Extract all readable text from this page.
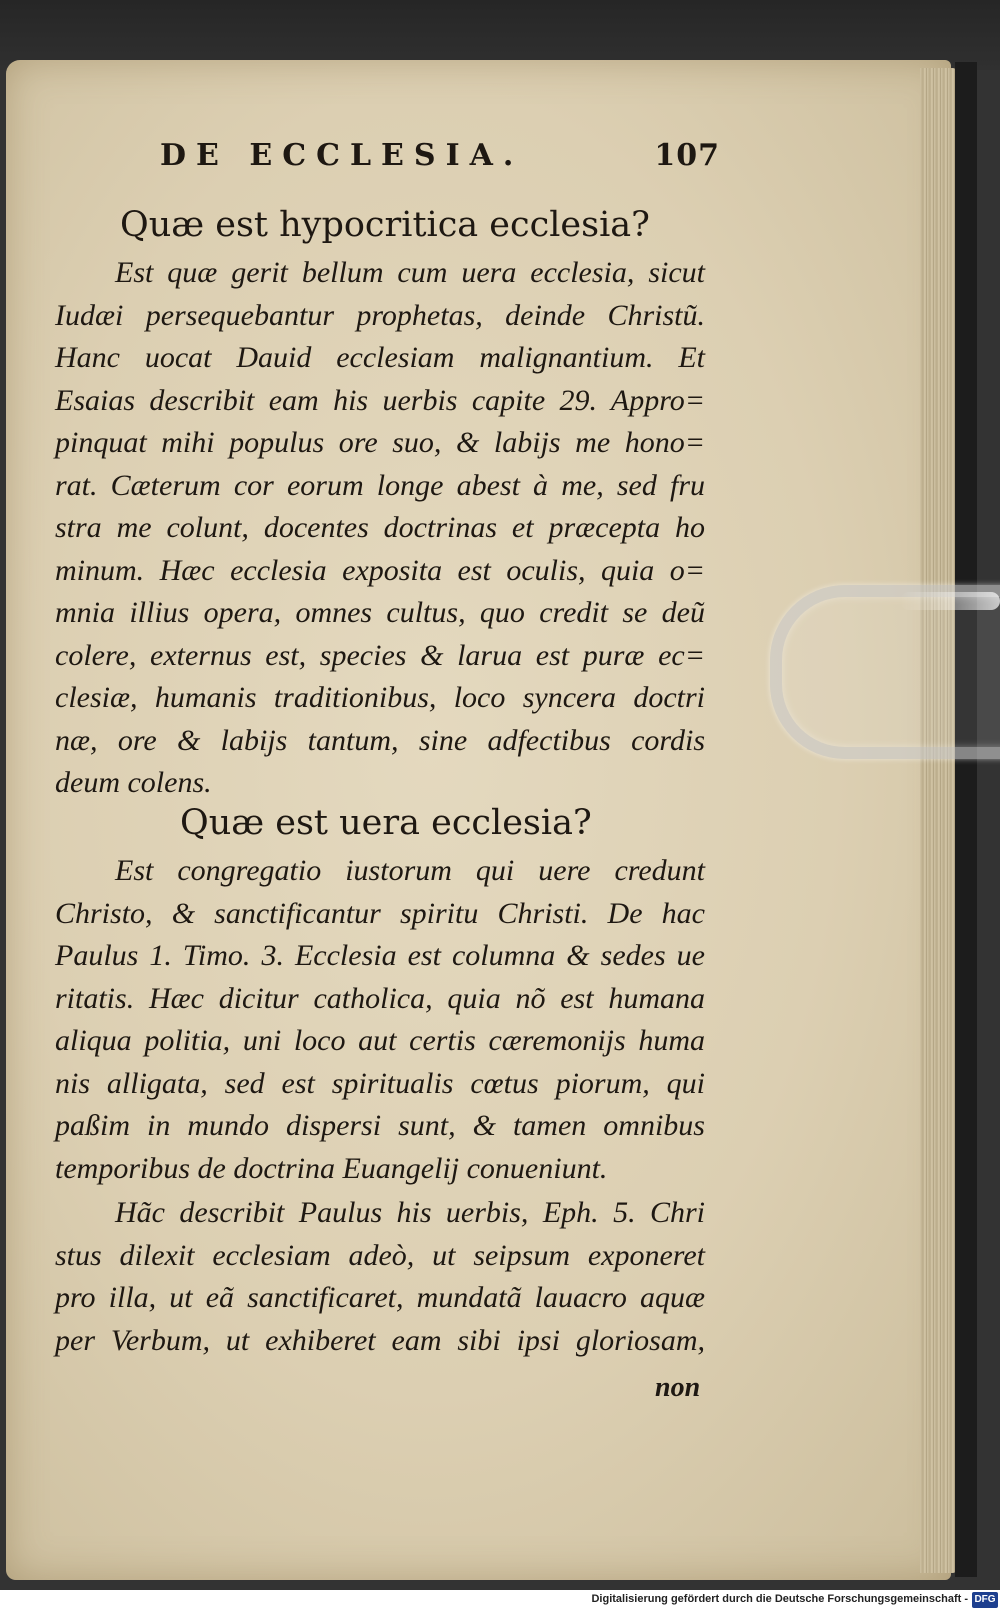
DE ECCLESIA.	107
Quæ est hypocritica ecclesia?
Est quæ gerit bellum cum uera ecclesia, sicut
Iudæi persequebantur prophetas, deinde Christũ.
Hanc uocat Dauid ecclesiam malignantium. Et
Esaias describit eam his uerbis capite 29. Appro=
pinquat mihi populus ore suo, & labijs me hono=
rat. Cæterum cor eorum longe abest à me, sed fru
stra me colunt, docentes doctrinas et præcepta ho
minum. Hæc ecclesia exposita est oculis, quia o=
mnia illius opera, omnes cultus, quo credit se deũ
colere, externus est, species & larua est puræ ec=
clesiæ, humanis traditionibus, loco syncera doctri
næ, ore & labijs tantum, sine adfectibus cordis
deum colens.
Quæ est uera ecclesia?
Est congregatio iustorum qui uere credunt
Christo, & sanctificantur spiritu Christi. De hac
Paulus 1. Timo. 3. Ecclesia est columna & sedes ue
ritatis. Hæc dicitur catholica, quia nõ est humana
aliqua politia, uni loco aut certis cæremonijs huma
nis alligata, sed est spiritualis cœtus piorum, qui
paßim in mundo dispersi sunt, & tamen omnibus
temporibus de doctrina Euangelij conueniunt.
Hãc describit Paulus his uerbis, Eph. 5. Chri
stus dilexit ecclesiam adeò, ut seipsum exponeret
pro illa, ut eã sanctificaret, mundatã lauacro aquæ
per Verbum, ut exhiberet eam sibi ipsi gloriosam,
non
Digitalisierung gefördert durch die Deutsche Forschungsgemeinschaft - DFG
